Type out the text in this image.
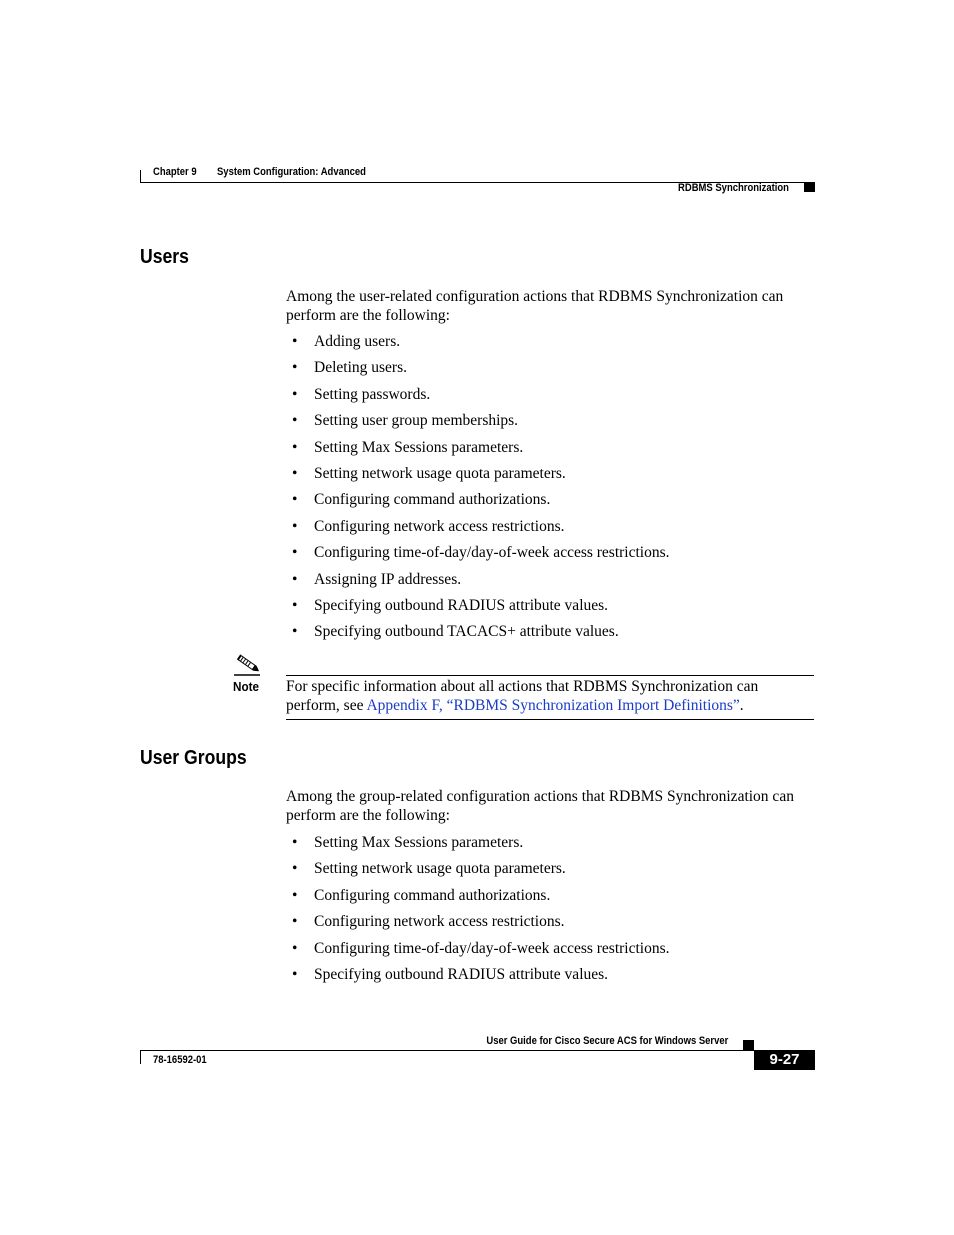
Chapter 9 System Configuration: Advanced
RDBMS Synchronization
Users
Among the user-related configuration actions that RDBMS Synchronization can perform are the following:
• Adding users.
• Deleting users.
• Setting passwords.
• Setting user group memberships.
• Setting Max Sessions parameters.
• Setting network usage quota parameters.
• Configuring command authorizations.
• Configuring network access restrictions.
• Configuring time-of-day/day-of-week access restrictions.
• Assigning IP addresses.
• Specifying outbound RADIUS attribute values.
• Specifying outbound TACACS+ attribute values.
Note For specific information about all actions that RDBMS Synchronization can perform, see Appendix F, “RDBMS Synchronization Import Definitions”.
User Groups
Among the group-related configuration actions that RDBMS Synchronization can perform are the following:
• Setting Max Sessions parameters.
• Setting network usage quota parameters.
• Configuring command authorizations.
• Configuring network access restrictions.
• Configuring time-of-day/day-of-week access restrictions.
• Specifying outbound RADIUS attribute values.
User Guide for Cisco Secure ACS for Windows Server
78-16592-01	9-27
